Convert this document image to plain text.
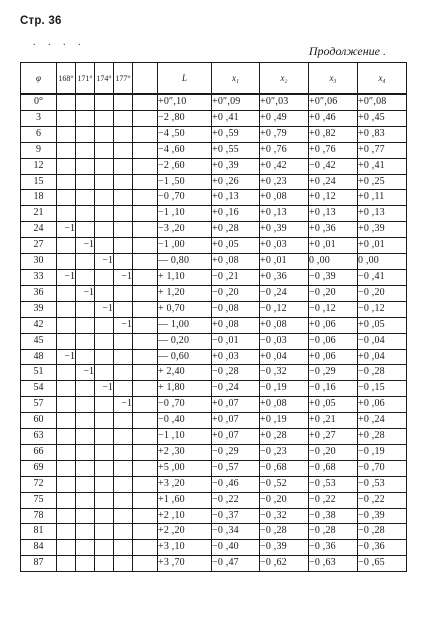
Стр. 36
. . . .
Продолжение .
φ	168°	171°	174°	177°		L	x₁	x₂	x₃	x₄
0°						+0″,10	+0″,09	+0″,03	+0″,06	+0″,08
3						−2 ,80	+0 ,41	+0 ,49	+0 ,46	+0 ,45
6						−4 ,50	+0 ,59	+0 ,79	+0 ,82	+0 ,83
9						−4 ,60	+0 ,55	+0 ,76	+0 ,76	+0 ,77
12						−2 ,60	+0 ,39	+0 ,42	−0 ,42	+0 ,41
15						−1 ,50	+0 ,26	+0 ,23	+0 ,24	+0 ,25
18						−0 ,70	+0 ,13	+0 ,08	+0 ,12	+0 ,11
21						−1 ,10	+0 ,16	+0 ,13	+0 ,13	+0 ,13
24	−1					−3 ,20	+0 ,28	+0 ,39	+0 ,36	+0 ,39
27		−1				−1 ,00	+0 ,05	+0 ,03	+0 ,01	+0 ,01
30			−1			— 0,80	+0 ,08	+0 ,01	0 ,00	0 ,00
33	−1			−1		+ 1,10	−0 ,21	+0 ,36	−0 ,39	−0 ,41
36		−1				+ 1,20	−0 ,20	−0 ,24	−0 ,20	−0 ,20
39			−1			+ 0,70	−0 ,08	−0 ,12	−0 ,12	−0 ,12
42				−1		— 1,00	+0 ,08	+0 ,08	+0 ,06	+0 ,05
45						— 0,20	−0 ,01	−0 ,03	−0 ,06	−0 ,04
48	−1					— 0,60	+0 ,03	+0 ,04	+0 ,06	+0 ,04
51		−1				+ 2,40	−0 ,28	−0 ,32	−0 ,29	−0 ,28
54			−1			+ 1,80	−0 ,24	−0 ,19	−0 ,16	−0 ,15
57				−1		−0 ,70	+0 ,07	+0 ,08	+0 ,05	+0 ,06
60						−0 ,40	+0 ,07	+0 ,19	+0 ,21	+0 ,24
63						−1 ,10	+0 ,07	+0 ,28	+0 ,27	+0 ,28
66						+2 ,30	−0 ,29	−0 ,23	−0 ,20	−0 ,19
69						+5 ,00	−0 ,57	−0 ,68	−0 ,68	−0 ,70
72						+3 ,20	−0 ,46	−0 ,52	−0 ,53	−0 ,53
75						+1 ,60	−0 ,22	−0 ,20	−0 ,22	−0 ,22
78						+2 ,10	−0 ,37	−0 ,32	−0 ,38	−0 ,39
81						+2 ,20	−0 ,34	−0 ,28	−0 ,28	−0 ,28
84						+3 ,10	−0 ,40	−0 ,39	−0 ,36	−0 ,36
87						+3 ,70	−0 ,47	−0 ,62	−0 ,63	−0 ,65
